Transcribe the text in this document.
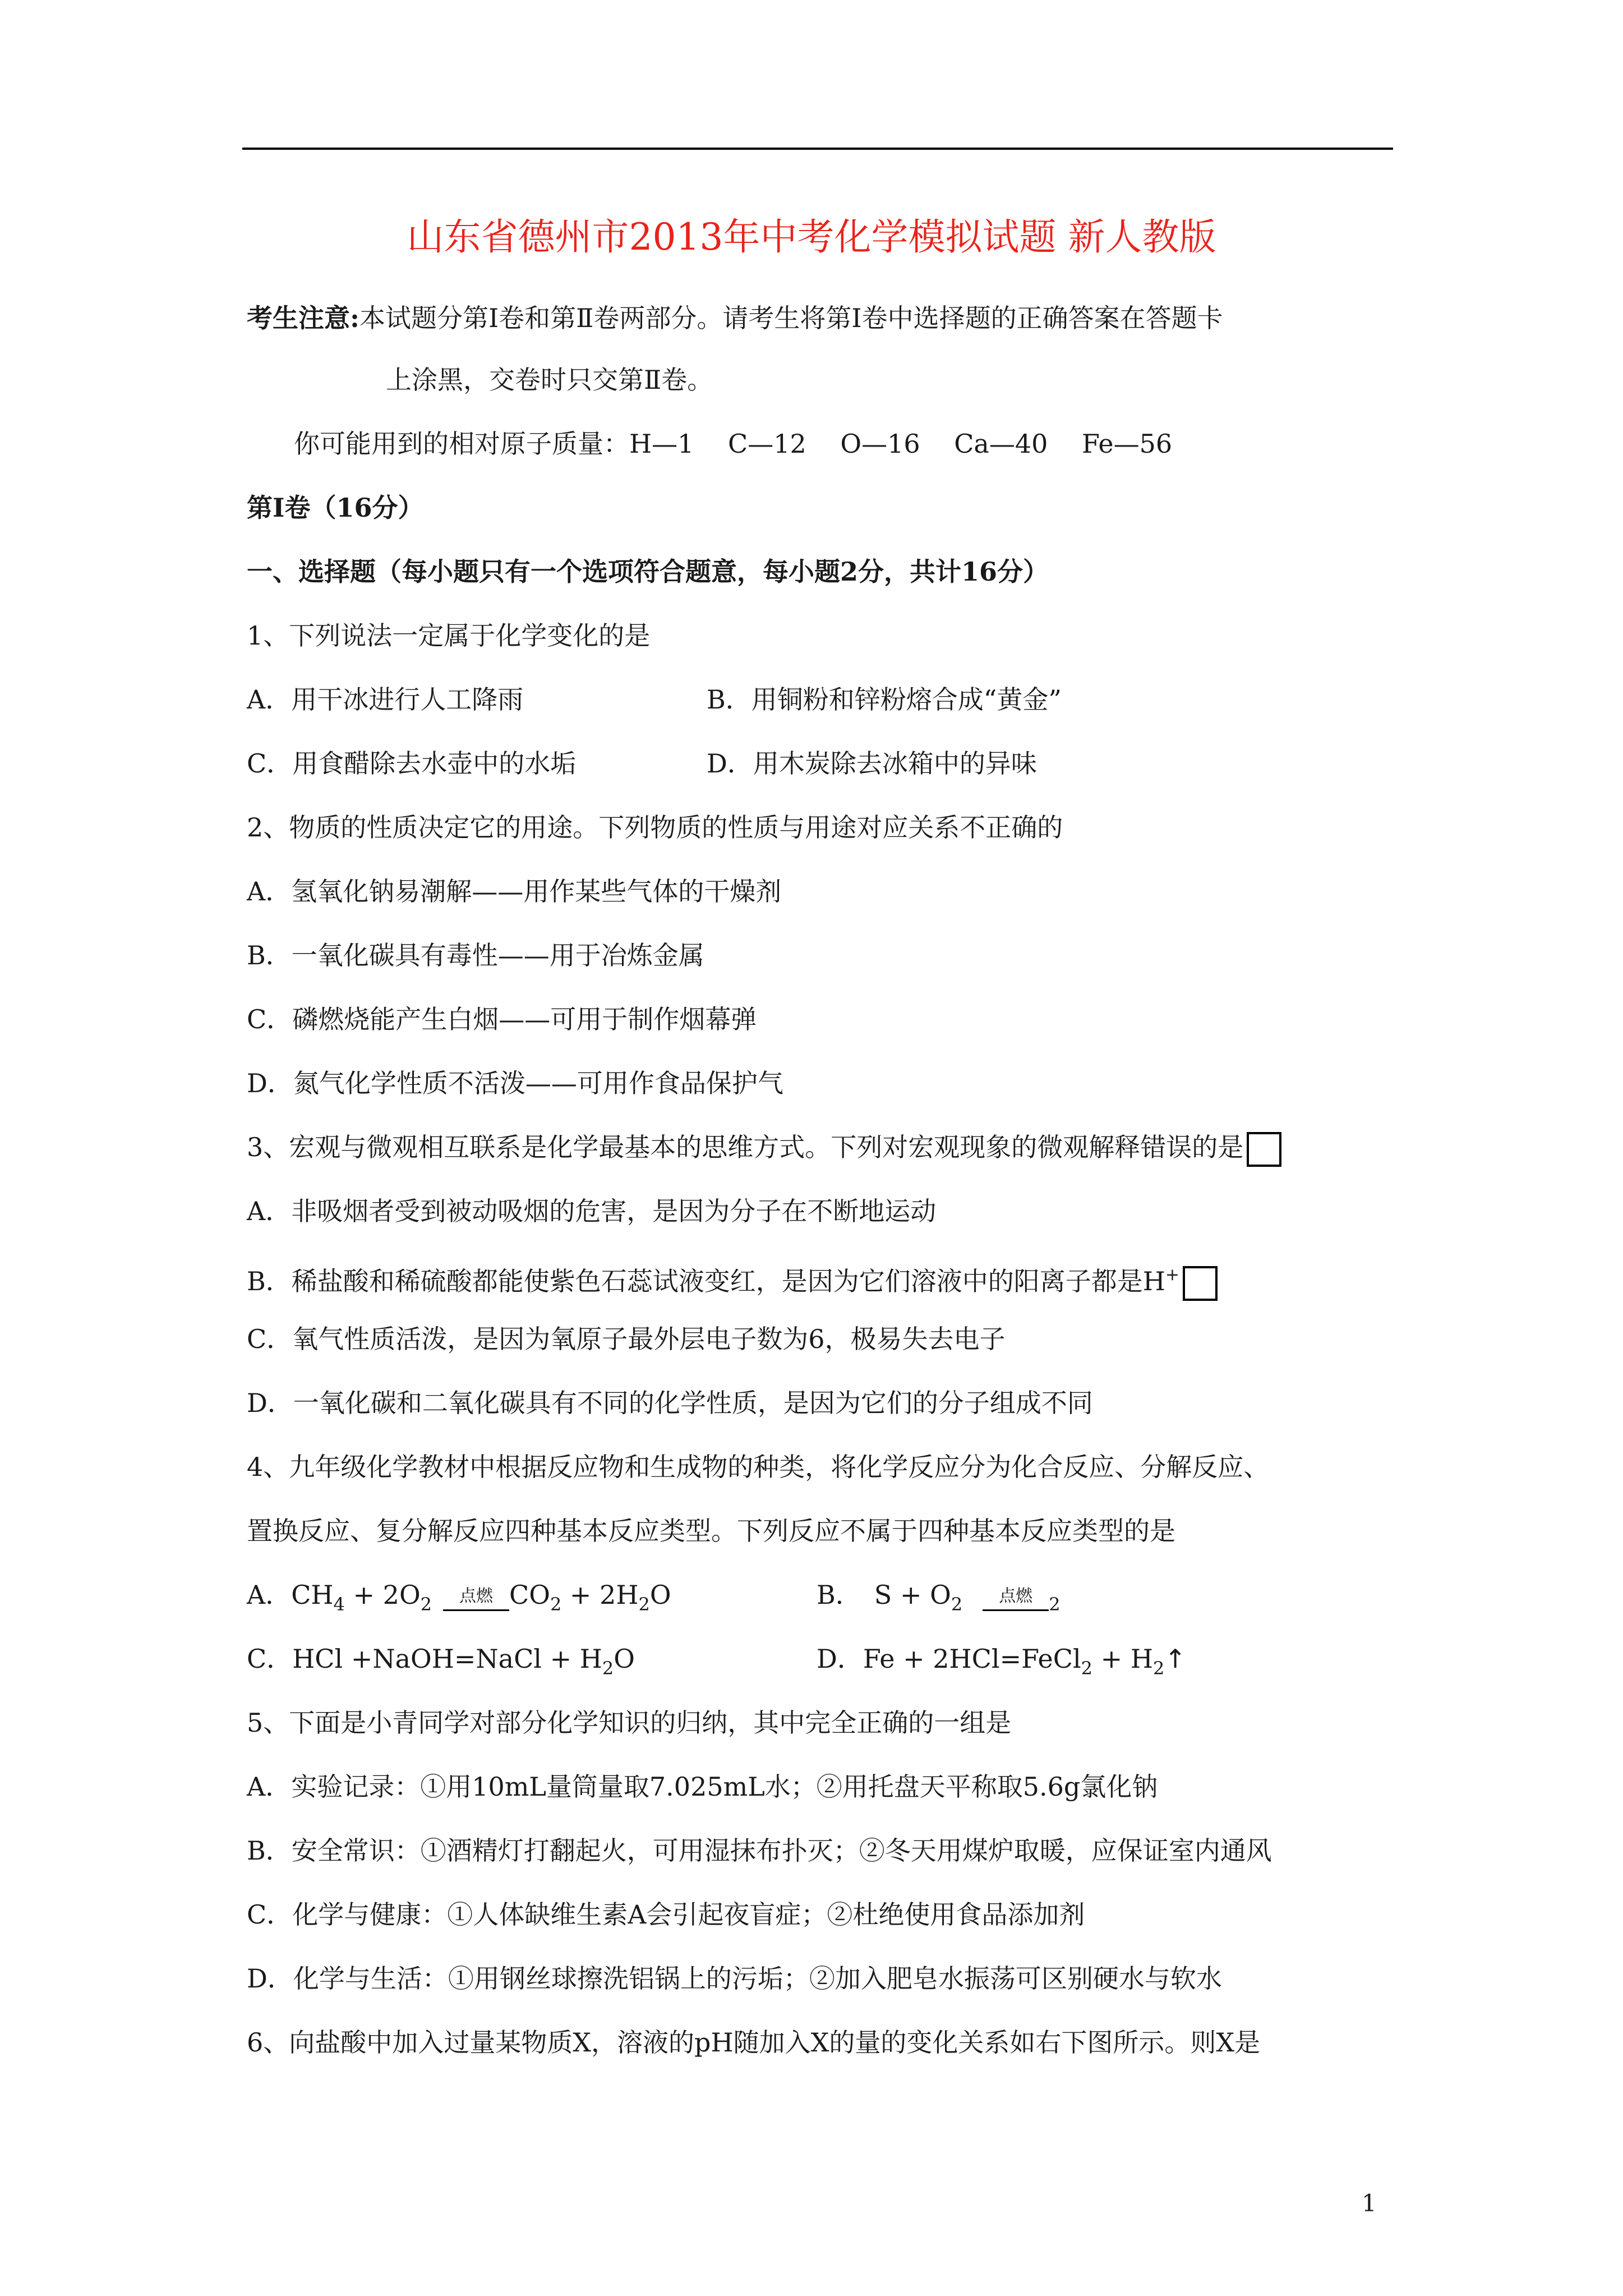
山东省德州市2013年中考化学模拟试题 新人教版
考生注意:本试题分第Ⅰ卷和第Ⅱ卷两部分。请考生将第Ⅰ卷中选择题的正确答案在答题卡
上涂黑，交卷时只交第Ⅱ卷。
你可能用到的相对原子质量：H—1　 C—12　 O—16　 Ca—40　 Fe—56
第Ⅰ卷（16分）
一、选择题（每小题只有一个选项符合题意，每小题2分，共计16分）
1、下列说法一定属于化学变化的是
A．用干冰进行人工降雨	B．用铜粉和锌粉熔合成“黄金”
C．用食醋除去水壶中的水垢	D．用木炭除去冰箱中的异味
2、物质的性质决定它的用途。下列物质的性质与用途对应关系不正确的
A．氢氧化钠易潮解——用作某些气体的干燥剂
B．一氧化碳具有毒性——用于冶炼金属
C．磷燃烧能产生白烟——可用于制作烟幕弹
D．氮气化学性质不活泼——可用作食品保护气
3、宏观与微观相互联系是化学最基本的思维方式。下列对宏观现象的微观解释错误的是
A．非吸烟者受到被动吸烟的危害，是因为分子在不断地运动
B．稀盐酸和稀硫酸都能使紫色石蕊试液变红，是因为它们溶液中的阳离子都是H+
C．氧气性质活泼，是因为氧原子最外层电子数为6，极易失去电子
D．一氧化碳和二氧化碳具有不同的化学性质，是因为它们的分子组成不同
4、九年级化学教材中根据反应物和生成物的种类，将化学反应分为化合反应、分解反应、
置换反应、复分解反应四种基本反应类型。下列反应不属于四种基本反应类型的是
A．$CH_4 + 2O_2$	点燃 $CO_2 + 2H_2O$	B．　$S + O_2$	点燃 $_2$
C．HCl +NaOH=NaCl + $H_2O$	D．Fe + 2HCl=FeCl$_2$ + $H_2↑$
5、下面是小青同学对部分化学知识的归纳，其中完全正确的一组是
A．实验记录：①用10mL量筒量取7.025mL水；②用托盘天平称取5.6g氯化钠
B．安全常识：①酒精灯打翻起火，可用湿抹布扑灭；②冬天用煤炉取暖，应保证室内通风
C．化学与健康：①人体缺维生素A会引起夜盲症；②杜绝使用食品添加剂
D．化学与生活：①用钢丝球擦洗铝锅上的污垢；②加入肥皂水振荡可区别硬水与软水
6、向盐酸中加入过量某物质X，溶液的pH随加入X的量的变化关系如右下图所示。则X是
1
